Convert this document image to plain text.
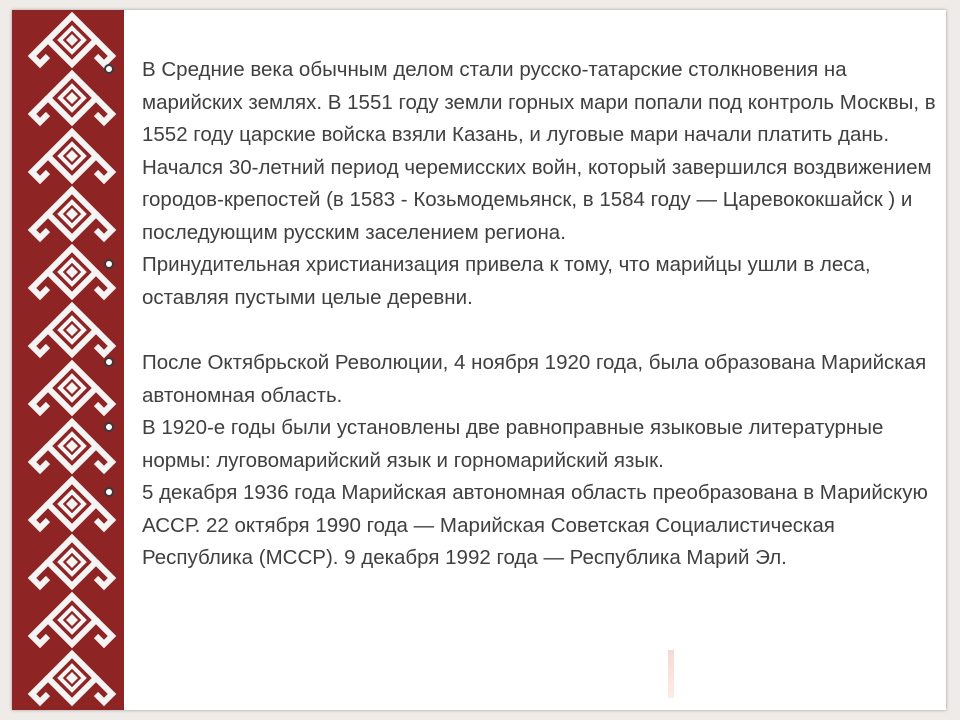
В Средние века обычным делом стали русско-татарские столкновения на марийских землях. В 1551 году земли горных мари попали под контроль Москвы, в 1552 году царские войска взяли Казань, и луговые мари начали платить дань. Начался 30-летний период черемисских войн, который завершился воздвижением городов-крепостей (в 1583 - Козьмодемьянск, в 1584 году — Царевококшайск ) и последующим русским заселением региона.
Принудительная христианизация привела к тому, что марийцы ушли в леса, оставляя пустыми целые деревни.
После Октябрьской Революции, 4 ноября 1920 года, была образована Марийская автономная область.
В 1920-е годы были установлены две равноправные языковые литературные нормы: луговомарийский язык и горномарийский язык.
5 декабря 1936 года Марийская автономная область преобразована в Марийскую АССР. 22 октября 1990 года — Марийская Советская Социалистическая Республика (МССР). 9 декабря 1992 года — Республика Марий Эл.
